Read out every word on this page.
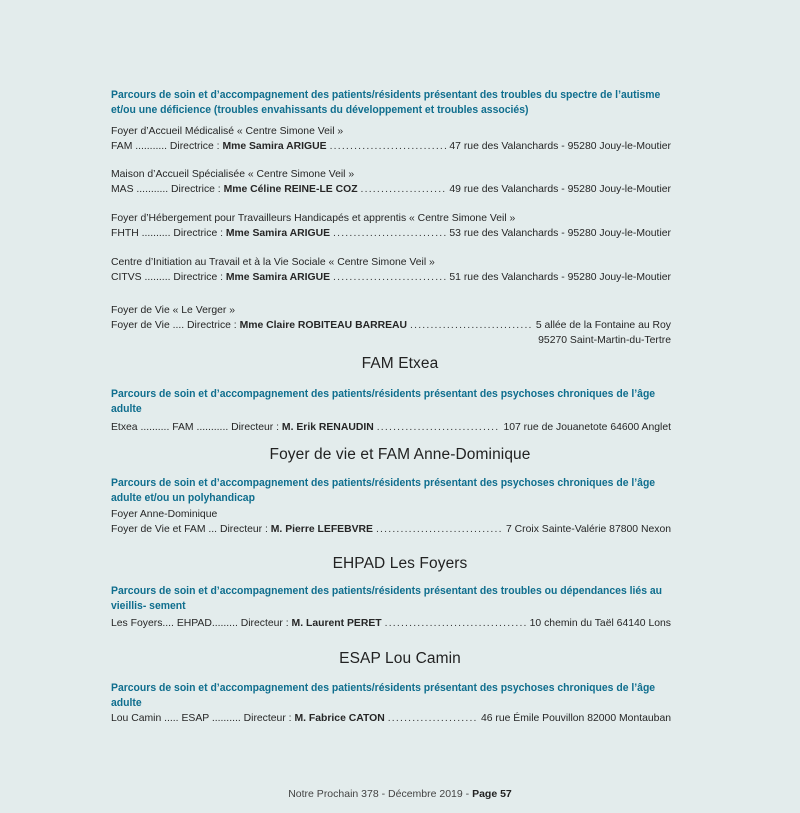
Parcours de soin et d’accompagnement des patients/résidents présentant des troubles du spectre de l’autisme et/ou une déficience (troubles envahissants du développement et troubles associés)
Foyer d’Accueil Médicalisé « Centre Simone Veil »
FAM ........... Directrice : Mme Samira ARIGUE .....	47 rue des Valanchards - 95280 Jouy-le-Moutier
Maison d’Accueil Spécialisée « Centre Simone Veil »
MAS ........... Directrice : Mme Céline REINE-LE COZ .....	49 rue des Valanchards - 95280 Jouy-le-Moutier
Foyer d’Hébergement pour Travailleurs Handicapés et apprentis « Centre Simone Veil »
FHTH .......... Directrice : Mme Samira ARIGUE .....	53 rue des Valanchards - 95280 Jouy-le-Moutier
Centre d’Initiation au Travail et à la Vie Sociale « Centre Simone Veil »
CITVS ......... Directrice : Mme Samira ARIGUE .....	51 rue des Valanchards - 95280 Jouy-le-Moutier
Foyer de Vie « Le Verger »
Foyer de Vie .... Directrice : Mme Claire ROBITEAU BARREAU .....	5 allée de la Fontaine au Roy
95270 Saint-Martin-du-Tertre
FAM Etxea
Parcours de soin et d’accompagnement des patients/résidents présentant des psychoses chroniques de l’âge adulte
Etxea .......... FAM ........... Directeur : M. Erik RENAUDIN .....	107 rue de Jouanetote 64600 Anglet
Foyer de vie et FAM Anne-Dominique
Parcours de soin et d’accompagnement des patients/résidents présentant des psychoses chroniques de l’âge adulte et/ou un polyhandicap
Foyer Anne-Dominique
Foyer de Vie et FAM ... Directeur : M. Pierre LEFEBVRE .....	7 Croix Sainte-Valérie 87800 Nexon
EHPAD Les Foyers
Parcours de soin et d’accompagnement des patients/résidents présentant des troubles ou dépendances liés au vieillis- sement
Les Foyers.... EHPAD......... Directeur : M. Laurent PERET .....	10 chemin du Taël 64140 Lons
ESAP Lou Camin
Parcours de soin et d’accompagnement des patients/résidents présentant des psychoses chroniques de l’âge adulte
Lou Camin ..... ESAP .......... Directeur : M. Fabrice CATON .....	46 rue Émile Pouvillon 82000 Montauban
Notre Prochain 378 - Décembre 2019 - Page 57
